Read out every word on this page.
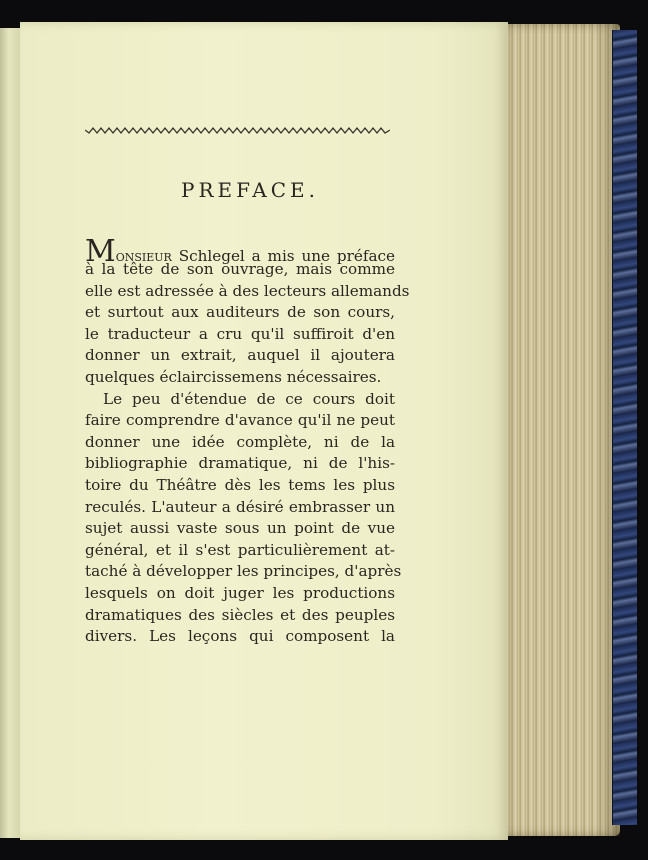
PREFACE.
Monsieur Schlegel a mis une préface
à la tête de son ouvrage, mais comme
elle est adressée à des lecteurs allemands
et surtout aux auditeurs de son cours,
le traducteur a cru qu'il suffiroit d'en
donner un extrait, auquel il ajoutera
quelques éclaircissemens nécessaires.
Le peu d'étendue de ce cours doit
faire comprendre d'avance qu'il ne peut
donner une idée complète, ni de la
bibliographie dramatique, ni de l'his-
toire du Théâtre dès les tems les plus
reculés. L'auteur a désiré embrasser un
sujet aussi vaste sous un point de vue
général, et il s'est particulièrement at-
taché à développer les principes, d'après
lesquels on doit juger les productions
dramatiques des siècles et des peuples
divers. Les leçons qui composent la
